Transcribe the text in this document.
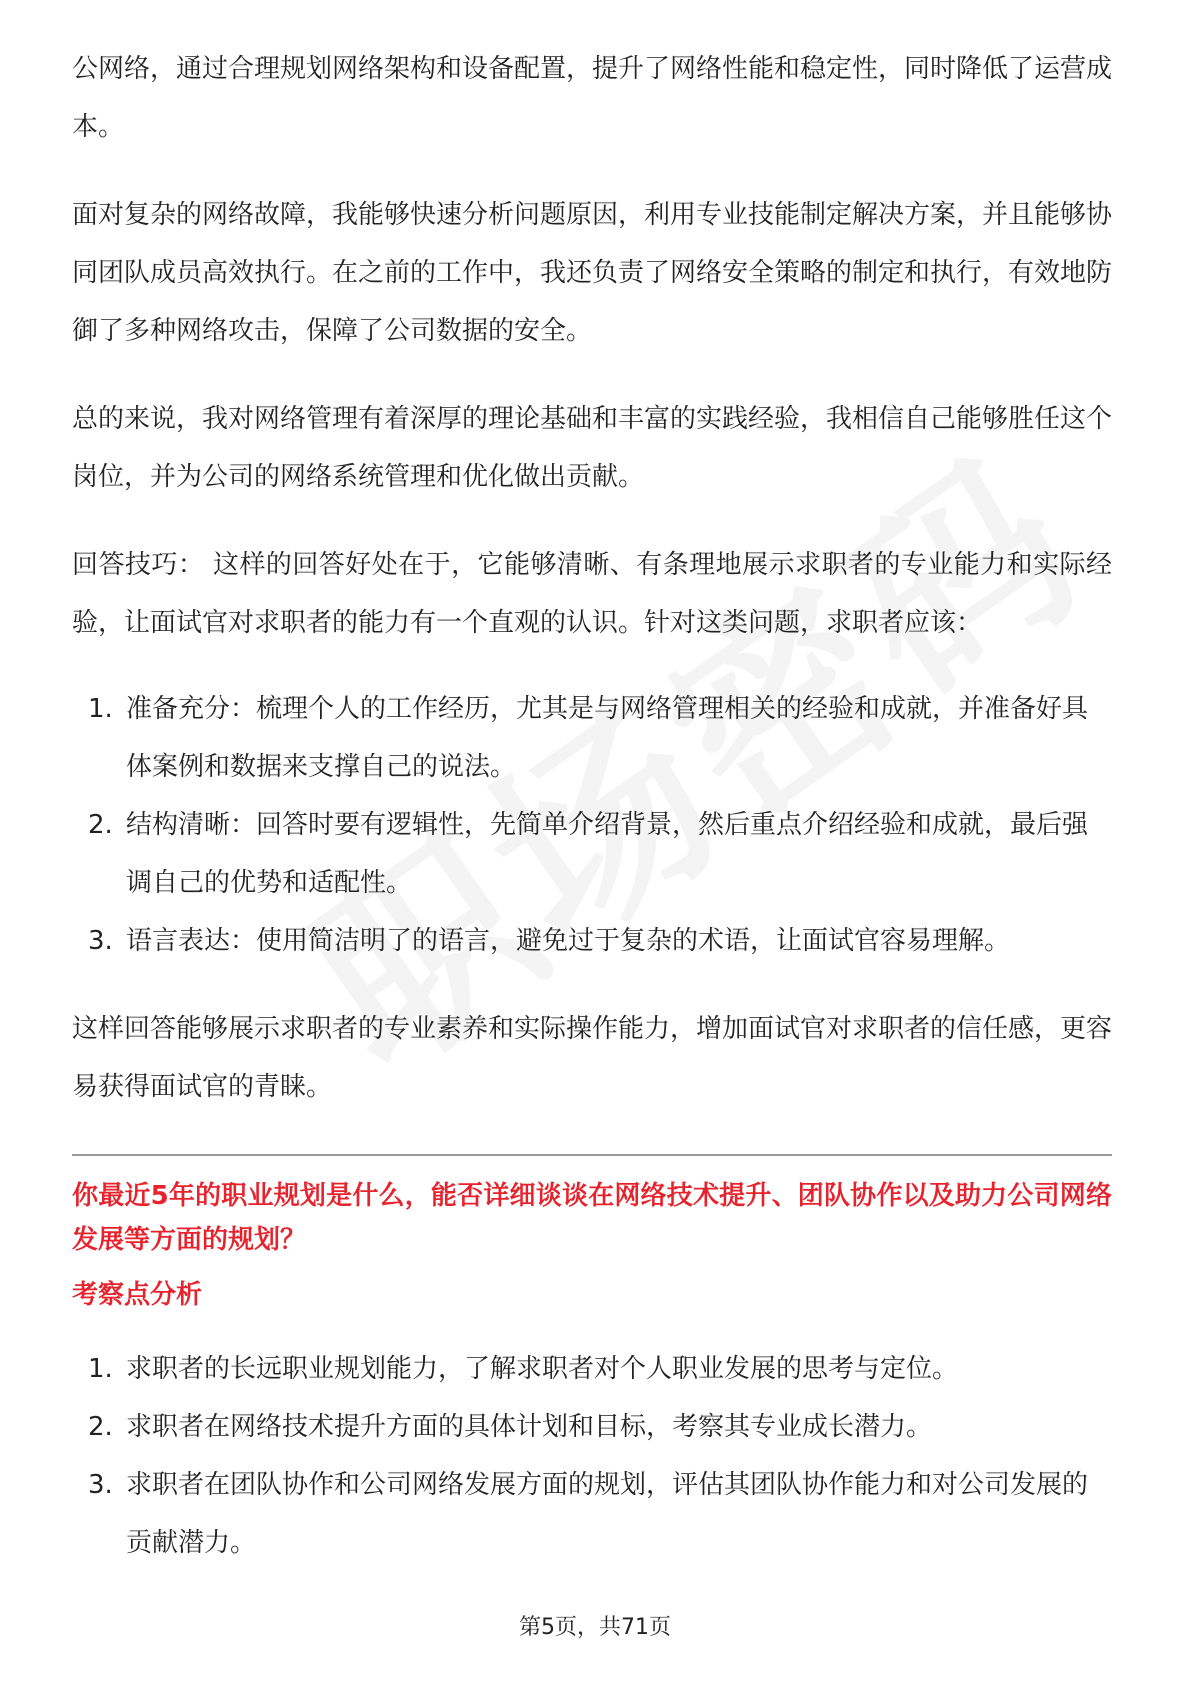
公网络，通过合理规划网络架构和设备配置，提升了网络性能和稳定性，同时降低了运营成本。

面对复杂的网络故障，我能够快速分析问题原因，利用专业技能制定解决方案，并且能够协同团队成员高效执行。在之前的工作中，我还负责了网络安全策略的制定和执行，有效地防御了多种网络攻击，保障了公司数据的安全。

总的来说，我对网络管理有着深厚的理论基础和丰富的实践经验，我相信自己能够胜任这个岗位，并为公司的网络系统管理和优化做出贡献。

回答技巧： 这样的回答好处在于，它能够清晰、有条理地展示求职者的专业能力和实际经验，让面试官对求职者的能力有一个直观的认识。针对这类问题，求职者应该：

1. 准备充分：梳理个人的工作经历，尤其是与网络管理相关的经验和成就，并准备好具体案例和数据来支撑自己的说法。
2. 结构清晰：回答时要有逻辑性，先简单介绍背景，然后重点介绍经验和成就，最后强调自己的优势和适配性。
3. 语言表达：使用简洁明了的语言，避免过于复杂的术语，让面试官容易理解。

这样回答能够展示求职者的专业素养和实际操作能力，增加面试官对求职者的信任感，更容易获得面试官的青睐。

你最近5年的职业规划是什么，能否详细谈谈在网络技术提升、团队协作以及助力公司网络发展等方面的规划？

考察点分析

1. 求职者的长远职业规划能力，了解求职者对个人职业发展的思考与定位。
2. 求职者在网络技术提升方面的具体计划和目标，考察其专业成长潜力。
3. 求职者在团队协作和公司网络发展方面的规划，评估其团队协作能力和对公司发展的贡献潜力。
第5页，共71页
